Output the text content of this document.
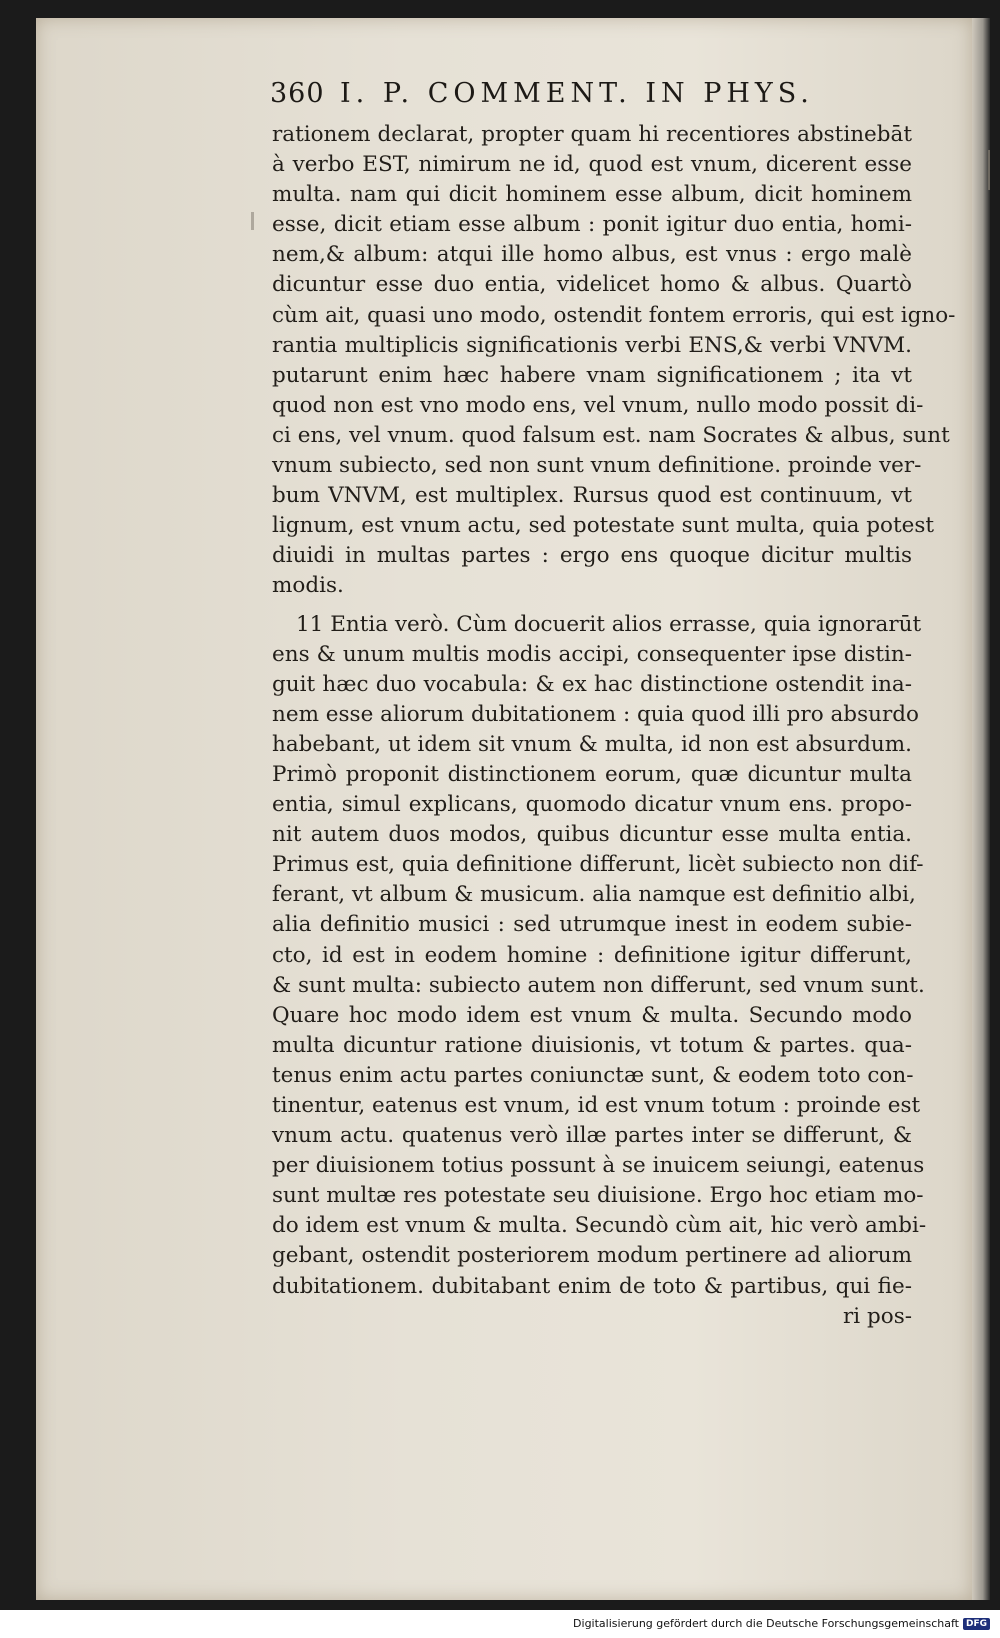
360 I. P. COMMENT. IN PHYS.
rationem declarat, propter quam hi recentiores abstinebāt
à verbo EST, nimirum ne id, quod est vnum, dicerent esse
multa. nam qui dicit hominem esse album, dicit hominem
esse, dicit etiam esse album : ponit igitur duo entia, homi-
nem,& album: atqui ille homo albus, est vnus : ergo malè
dicuntur esse duo entia, videlicet homo & albus. Quartò
cùm ait, quasi uno modo, ostendit fontem erroris, qui est igno-
rantia multiplicis significationis verbi ENS,& verbi VNVM.
putarunt enim hæc habere vnam significationem ; ita vt
quod non est vno modo ens, vel vnum, nullo modo possit di-
ci ens, vel vnum. quod falsum est. nam Socrates & albus, sunt
vnum subiecto, sed non sunt vnum definitione. proinde ver-
bum VNVM, est multiplex. Rursus quod est continuum, vt
lignum, est vnum actu, sed potestate sunt multa, quia potest
diuidi in multas partes : ergo ens quoque dicitur multis
modis.
11 Entia verò. Cùm docuerit alios errasse, quia ignorarūt
ens & unum multis modis accipi, consequenter ipse distin-
guit hæc duo vocabula: & ex hac distinctione ostendit ina-
nem esse aliorum dubitationem : quia quod illi pro absurdo
habebant, ut idem sit vnum & multa, id non est absurdum.
Primò proponit distinctionem eorum, quæ dicuntur multa
entia, simul explicans, quomodo dicatur vnum ens. propo-
nit autem duos modos, quibus dicuntur esse multa entia.
Primus est, quia definitione differunt, licèt subiecto non dif-
ferant, vt album & musicum. alia namque est definitio albi,
alia definitio musici : sed utrumque inest in eodem subie-
cto, id est in eodem homine : definitione igitur differunt,
& sunt multa: subiecto autem non differunt, sed vnum sunt.
Quare hoc modo idem est vnum & multa. Secundo modo
multa dicuntur ratione diuisionis, vt totum & partes. qua-
tenus enim actu partes coniunctæ sunt, & eodem toto con-
tinentur, eatenus est vnum, id est vnum totum : proinde est
vnum actu. quatenus verò illæ partes inter se differunt, &
per diuisionem totius possunt à se inuicem seiungi, eatenus
sunt multæ res potestate seu diuisione. Ergo hoc etiam mo-
do idem est vnum & multa. Secundò cùm ait, hic verò ambi-
gebant, ostendit posteriorem modum pertinere ad aliorum
dubitationem. dubitabant enim de toto & partibus, qui fie-
ri pos-
Digitalisierung gefördert durch die Deutsche Forschungsgemeinschaft DFG
